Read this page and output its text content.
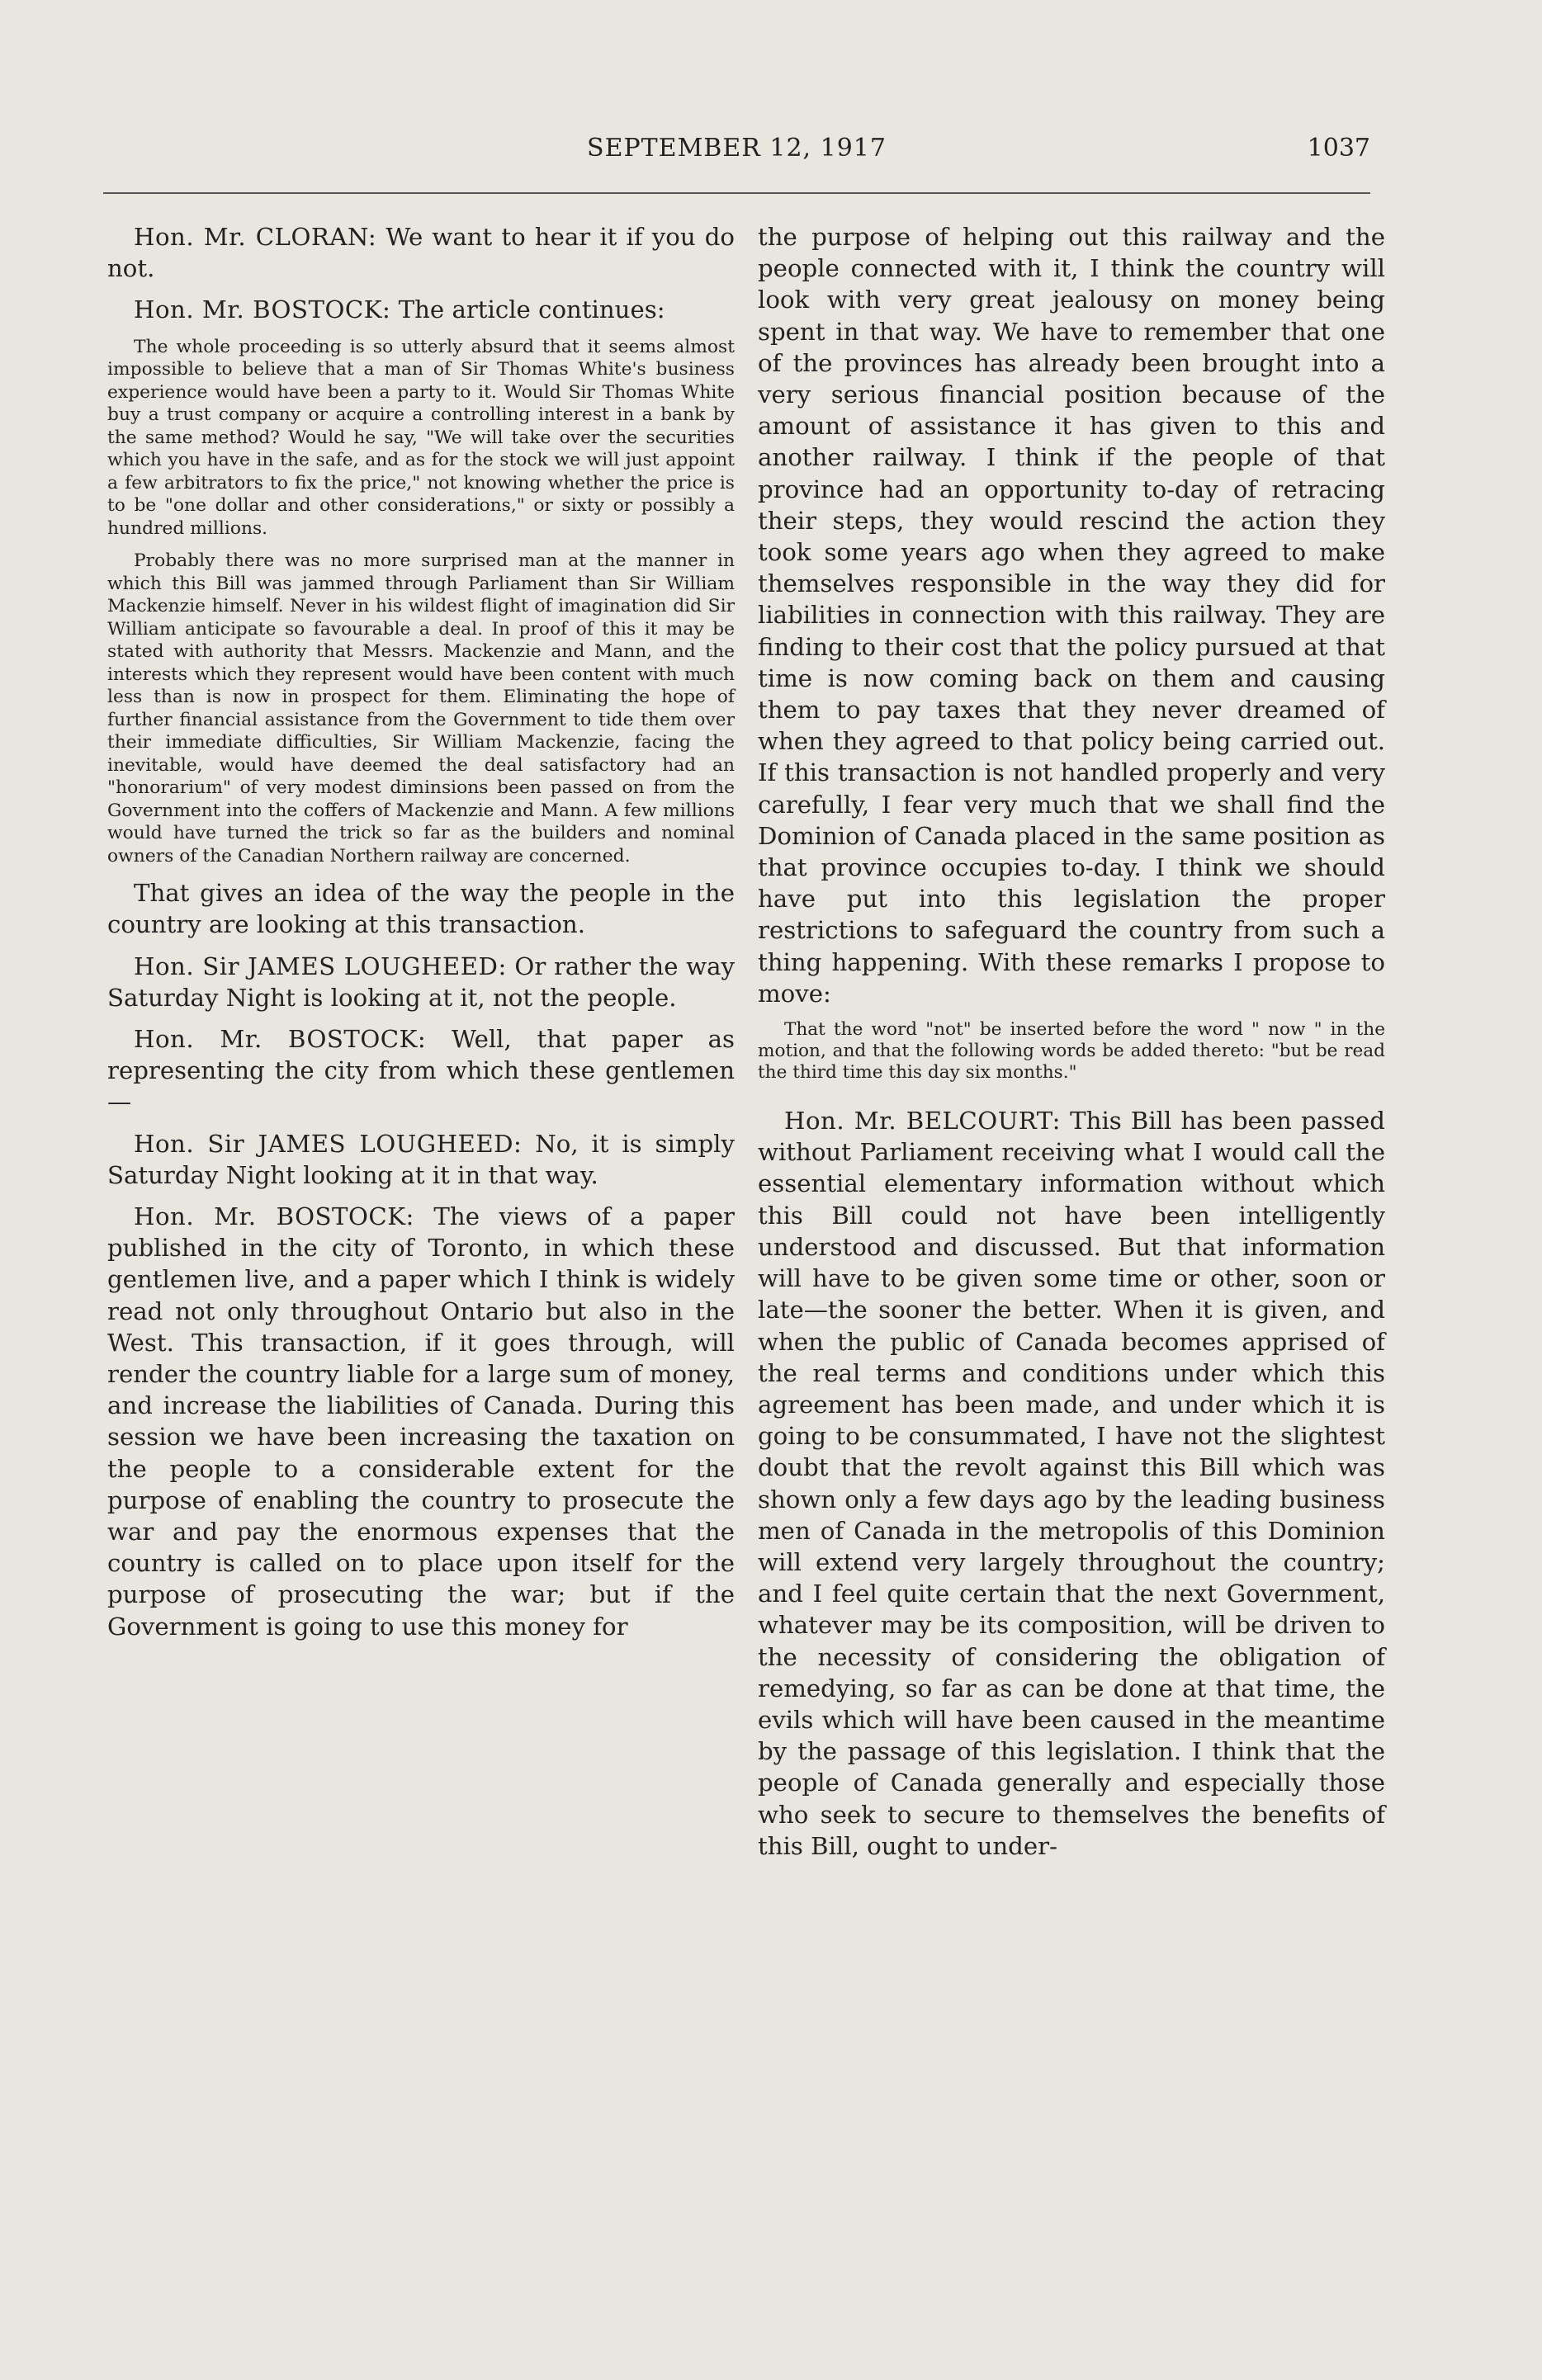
SEPTEMBER 12, 1917	1037

Hon. Mr. CLORAN: We want to hear it if you do not.

Hon. Mr. BOSTOCK: The article continues:

The whole proceeding is so utterly absurd that it seems almost impossible to believe that a man of Sir Thomas White's business experience would have been a party to it. Would Sir Thomas White buy a trust company or acquire a controlling interest in a bank by the same method? Would he say, "We will take over the securities which you have in the safe, and as for the stock we will just appoint a few arbitrators to fix the price," not knowing whether the price is to be "one dollar and other considerations," or sixty or possibly a hundred millions.

Probably there was no more surprised man at the manner in which this Bill was jammed through Parliament than Sir William Mackenzie himself. Never in his wildest flight of imagination did Sir William anticipate so favourable a deal. In proof of this it may be stated with authority that Messrs. Mackenzie and Mann, and the interests which they represent would have been content with much less than is now in prospect for them. Eliminating the hope of further financial assistance from the Government to tide them over their immediate difficulties, Sir William Mackenzie, facing the inevitable, would have deemed the deal satisfactory had an "honorarium" of very modest diminsions been passed on from the Government into the coffers of Mackenzie and Mann. A few millions would have turned the trick so far as the builders and nominal owners of the Canadian Northern railway are concerned.

That gives an idea of the way the people in the country are looking at this transaction.

Hon. Sir JAMES LOUGHEED: Or rather the way Saturday Night is looking at it, not the people.

Hon. Mr. BOSTOCK: Well, that paper as representing the city from which these gentlemen—

Hon. Sir JAMES LOUGHEED: No, it is simply Saturday Night looking at it in that way.

Hon. Mr. BOSTOCK: The views of a paper published in the city of Toronto, in which these gentlemen live, and a paper which I think is widely read not only throughout Ontario but also in the West. This transaction, if it goes through, will render the country liable for a large sum of money, and increase the liabilities of Canada. During this session we have been increasing the taxation on the people to a considerable extent for the purpose of enabling the country to prosecute the war and pay the enormous expenses that the country is called on to place upon itself for the purpose of prosecuting the war; but if the Government is going to use this money for

the purpose of helping out this railway and the people connected with it, I think the country will look with very great jealousy on money being spent in that way. We have to remember that one of the provinces has already been brought into a very serious financial position because of the amount of assistance it has given to this and another railway. I think if the people of that province had an opportunity to-day of retracing their steps, they would rescind the action they took some years ago when they agreed to make themselves responsible in the way they did for liabilities in connection with this railway. They are finding to their cost that the policy pursued at that time is now coming back on them and causing them to pay taxes that they never dreamed of when they agreed to that policy being carried out. If this transaction is not handled properly and very carefully, I fear very much that we shall find the Dominion of Canada placed in the same position as that province occupies to-day. I think we should have put into this legislation the proper restrictions to safeguard the country from such a thing happening. With these remarks I propose to move:

That the word "not" be inserted before the word " now " in the motion, and that the following words be added thereto: "but be read the third time this day six months."

Hon. Mr. BELCOURT: This Bill has been passed without Parliament receiving what I would call the essential elementary information without which this Bill could not have been intelligently understood and discussed. But that information will have to be given some time or other, soon or late—the sooner the better. When it is given, and when the public of Canada becomes apprised of the real terms and conditions under which this agreement has been made, and under which it is going to be consummated, I have not the slightest doubt that the revolt against this Bill which was shown only a few days ago by the leading business men of Canada in the metropolis of this Dominion will extend very largely throughout the country; and I feel quite certain that the next Government, whatever may be its composition, will be driven to the necessity of considering the obligation of remedying, so far as can be done at that time, the evils which will have been caused in the meantime by the passage of this legislation. I think that the people of Canada generally and especially those who seek to secure to themselves the benefits of this Bill, ought to under-
